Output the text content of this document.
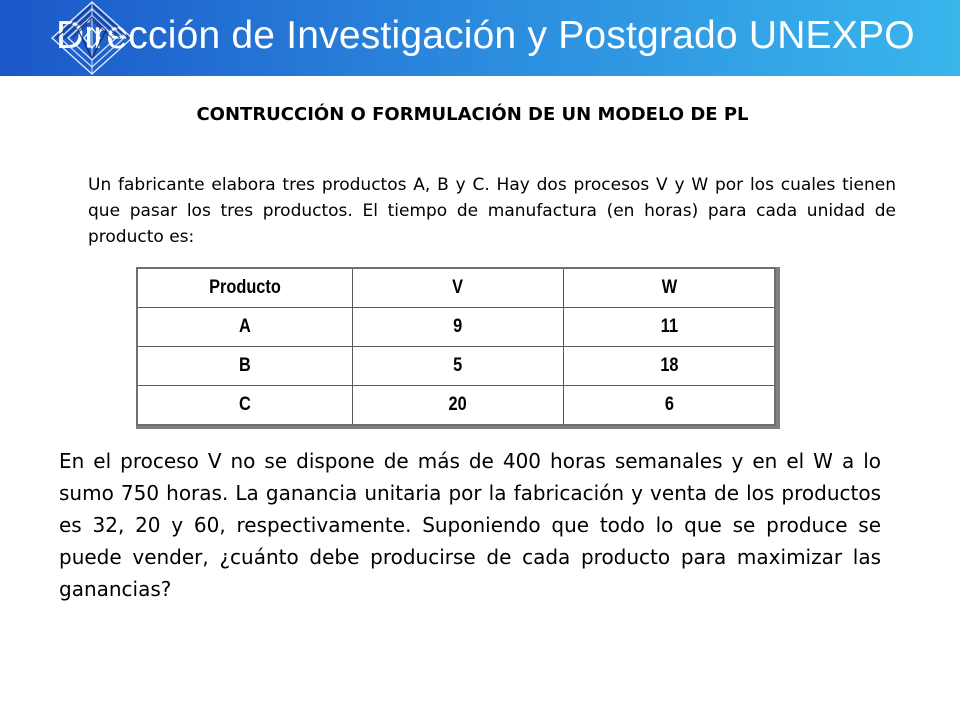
Dirección de Investigación y Postgrado UNEXPO
CONTRUCCIÓN O FORMULACIÓN DE UN MODELO DE PL
Un fabricante elabora tres productos A, B y C. Hay dos procesos V y W por los cuales tienen que pasar los tres productos. El tiempo de manufactura (en horas) para cada unidad de producto es:
Producto	V	W
A	9	11
B	5	18
C	20	6
En el proceso V no se dispone de más de 400 horas semanales y en el W a lo sumo 750 horas. La ganancia unitaria por la fabricación y venta de los productos es 32, 20 y 60, respectivamente. Suponiendo que todo lo que se produce se puede vender, ¿cuánto debe producirse de cada producto para maximizar las ganancias?
